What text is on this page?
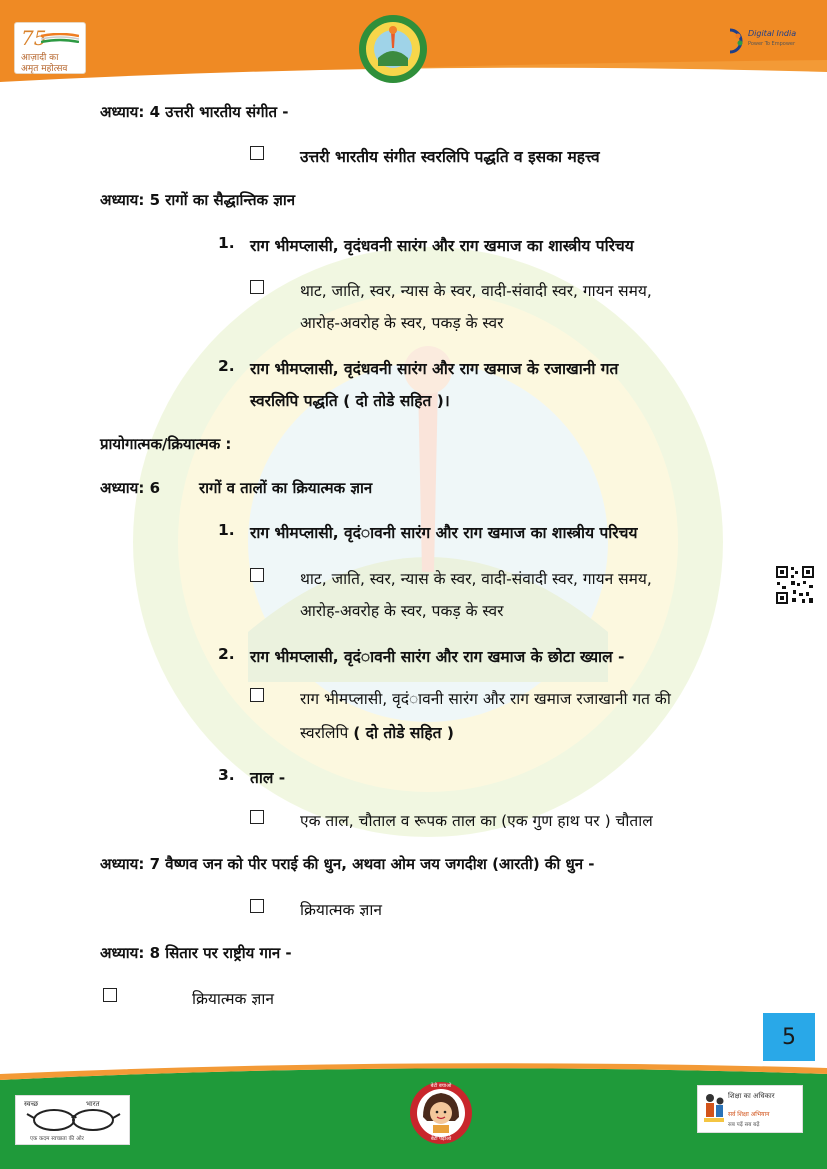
75
आज़ादी का
अमृत महोत्सव
Digital India
Power To Empower
अध्याय: 4 उत्तरी भारतीय संगीत -
उत्तरी भारतीय संगीत स्वरलिपि पद्धति व इसका महत्त्व
अध्याय: 5 रागों का सैद्धान्तिक ज्ञान
1. राग भीमप्लासी, वृदंधवनी सारंग और राग खमाज का शास्त्रीय परिचय
थाट, जाति, स्वर, न्यास के स्वर, वादी-संवादी स्वर, गायन समय,
आरोह-अवरोह के स्वर, पकड़ के स्वर
2. राग भीमप्लासी, वृदंधवनी सारंग और राग खमाज के रजाखानी गत
स्वरलिपि पद्धति ( दो तोडे सहित )।
प्रायोगात्मक/क्रियात्मक :
अध्याय: 6	रागों व तालों का क्रियात्मक ज्ञान
1. राग भीमप्लासी, वृदंावनी सारंग और राग खमाज का शास्त्रीय परिचय
थाट, जाति, स्वर, न्यास के स्वर, वादी-संवादी स्वर, गायन समय,
आरोह-अवरोह के स्वर, पकड़ के स्वर
2. राग भीमप्लासी, वृदंावनी सारंग और राग खमाज के छोटा ख्याल -
राग भीमप्लासी, वृदंावनी सारंग और राग खमाज रजाखानी गत की
स्वरलिपि ( दो तोडे सहित )
3. ताल -
एक ताल, चौताल व रूपक ताल का (एक गुण हाथ पर ) चौताल
अध्याय: 7 वैष्णव जन को पीर पराई की धुन, अथवा ओम जय जगदीश (आरती) की धुन -
क्रियात्मक ज्ञान
अध्याय: 8 सितार पर राष्ट्रीय गान -
क्रियात्मक ज्ञान
5
स्वच्छ	भारत
एक कदम स्वच्छता की ओर
बेटी बचाओ
बेटी पढ़ाओ
शिक्षा का अधिकार
सर्व शिक्षा अभियान
सब पढ़ें सब बढ़ें
